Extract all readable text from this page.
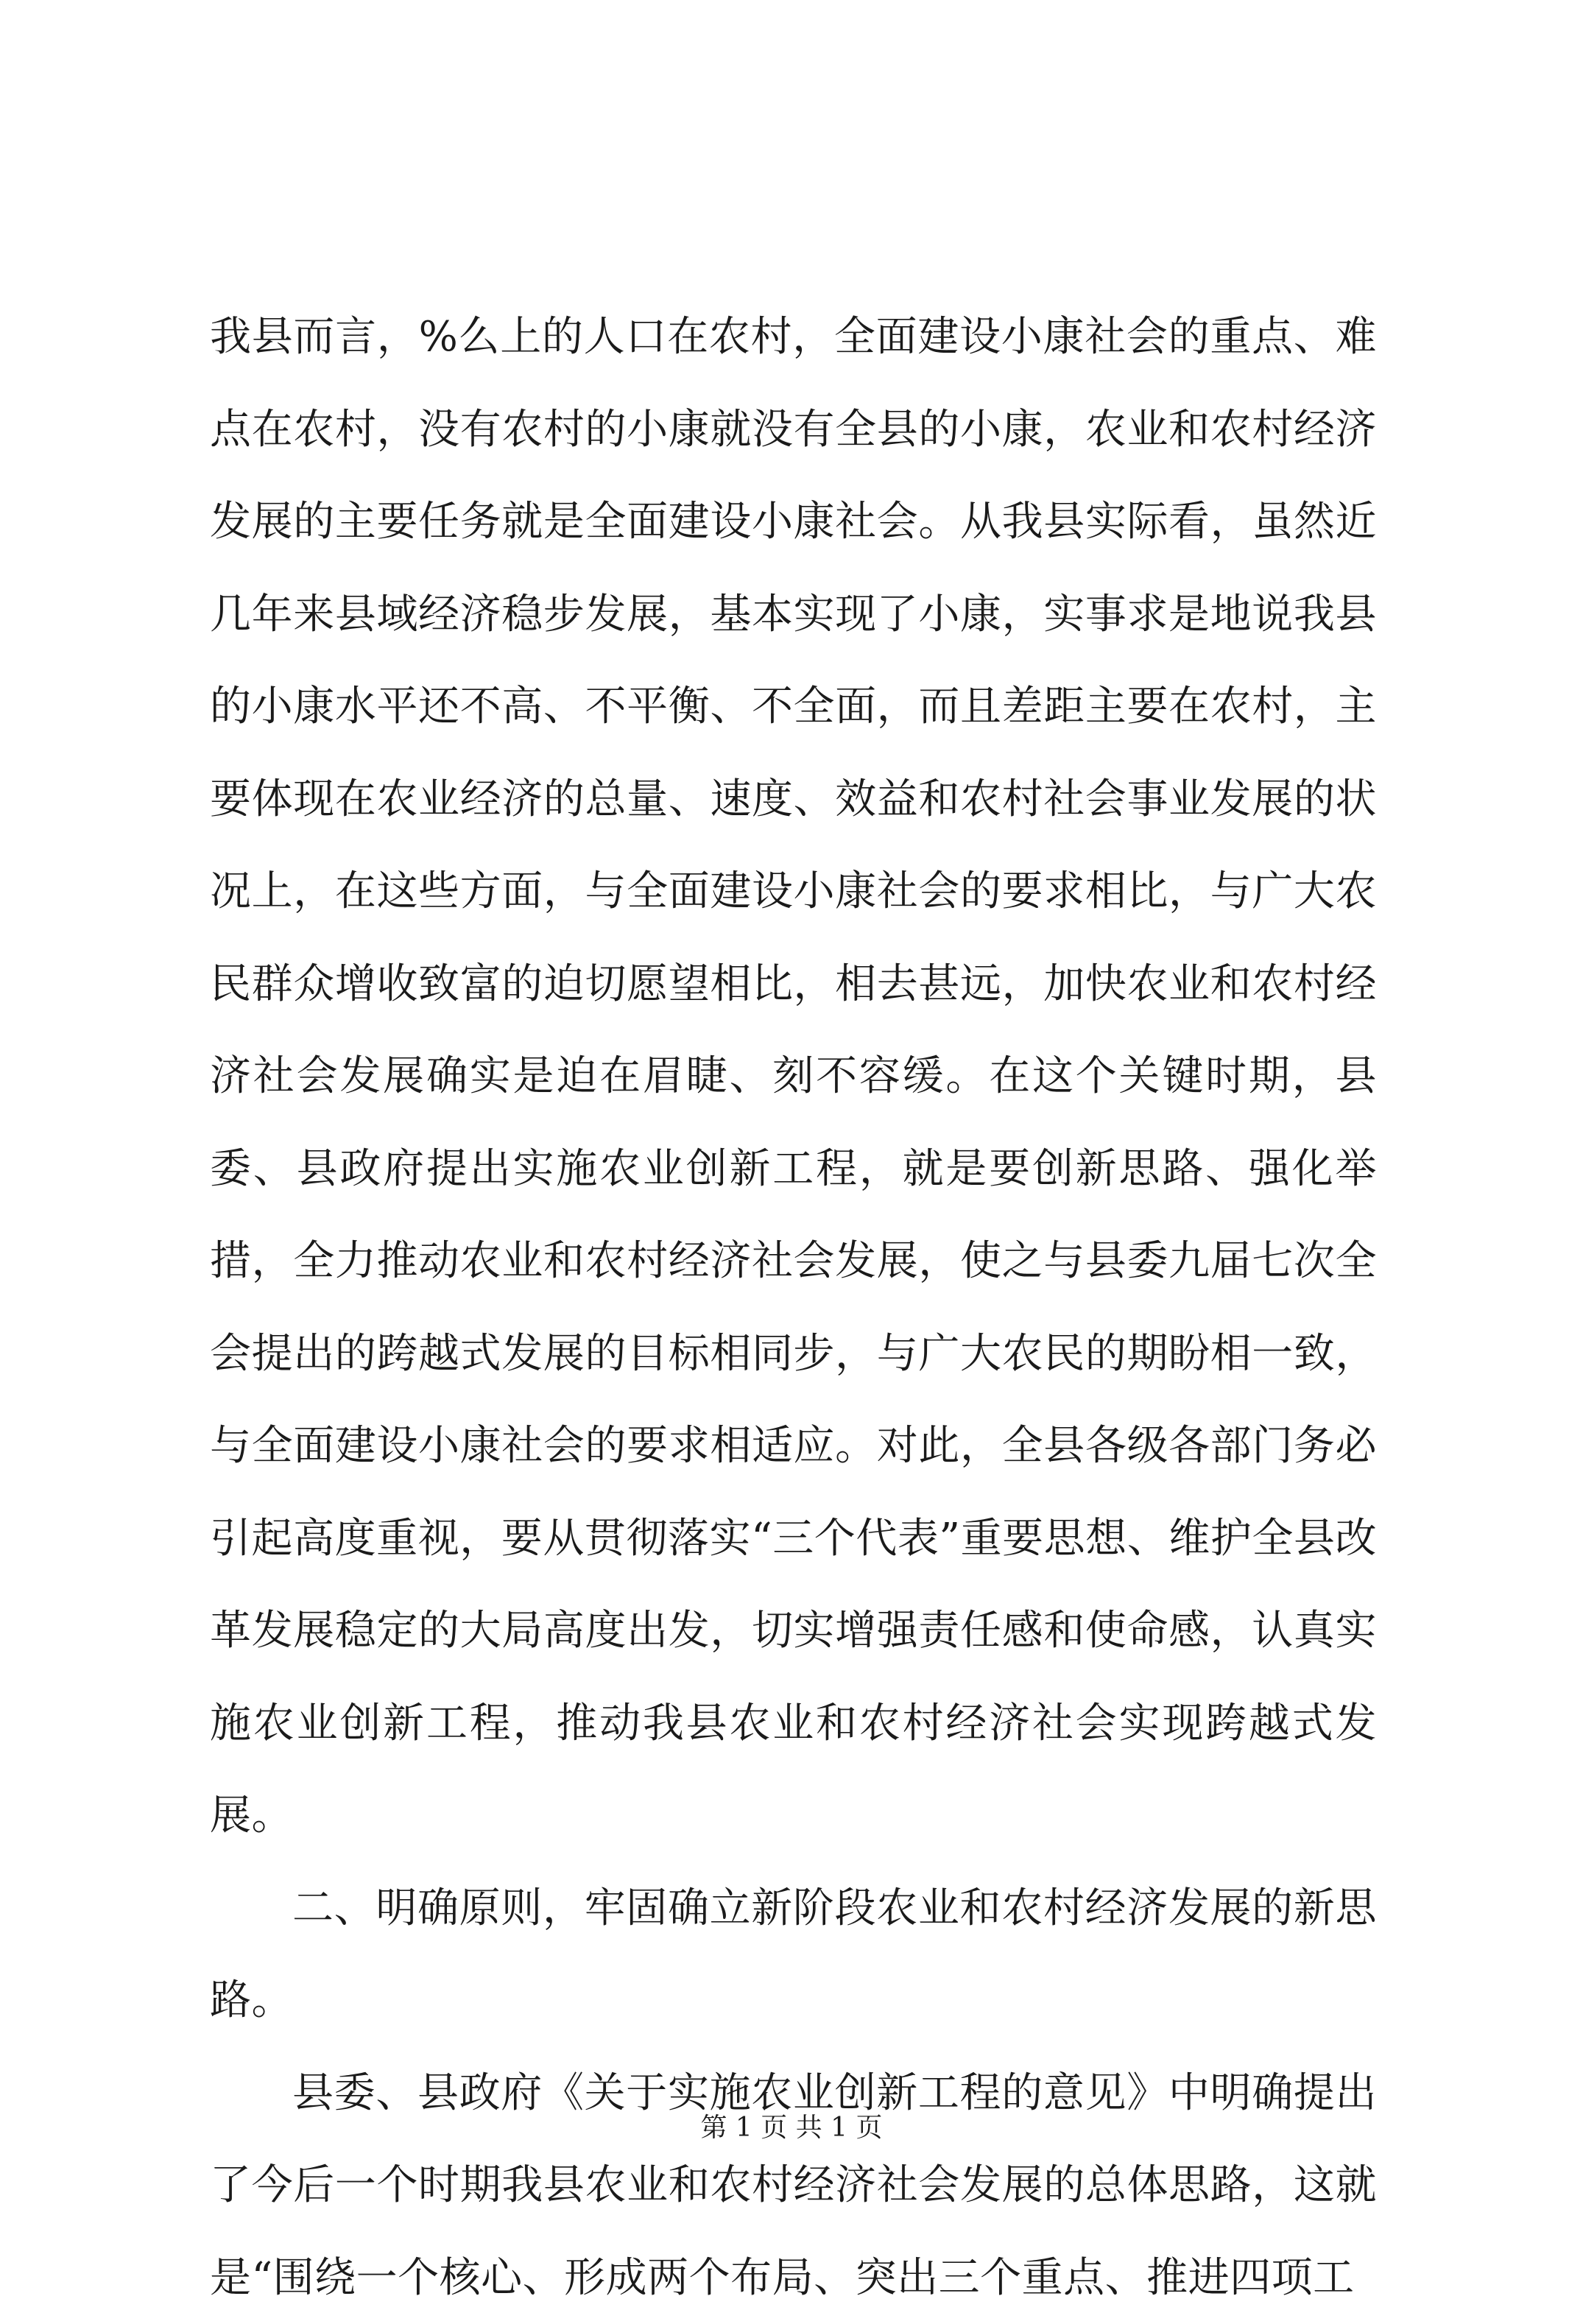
我县而言，%么上的人口在农村，全面建设小康社会的重点、难点在农村，没有农村的小康就没有全县的小康，农业和农村经济发展的主要任务就是全面建设小康社会。从我县实际看，虽然近几年来县域经济稳步发展，基本实现了小康，实事求是地说我县的小康水平还不高、不平衡、不全面，而且差距主要在农村，主要体现在农业经济的总量、速度、效益和农村社会事业发展的状况上，在这些方面，与全面建设小康社会的要求相比，与广大农民群众增收致富的迫切愿望相比，相去甚远，加快农业和农村经济社会发展确实是迫在眉睫、刻不容缓。在这个关键时期，县委、县政府提出实施农业创新工程，就是要创新思路、强化举措，全力推动农业和农村经济社会发展，使之与县委九届七次全会提出的跨越式发展的目标相同步，与广大农民的期盼相一致，与全面建设小康社会的要求相适应。对此，全县各级各部门务必引起高度重视，要从贯彻落实“三个代表”重要思想、维护全县改革发展稳定的大局高度出发，切实增强责任感和使命感，认真实施农业创新工程，推动我县农业和农村经济社会实现跨越式发展。

二、明确原则，牢固确立新阶段农业和农村经济发展的新思路。

县委、县政府《关于实施农业创新工程的意见》中明确提出了今后一个时期我县农业和农村经济社会发展的总体思路，这就是“围绕一个核心、形成两个布局、突出三个重点、推进四项工

第 1 页 共 1 页
